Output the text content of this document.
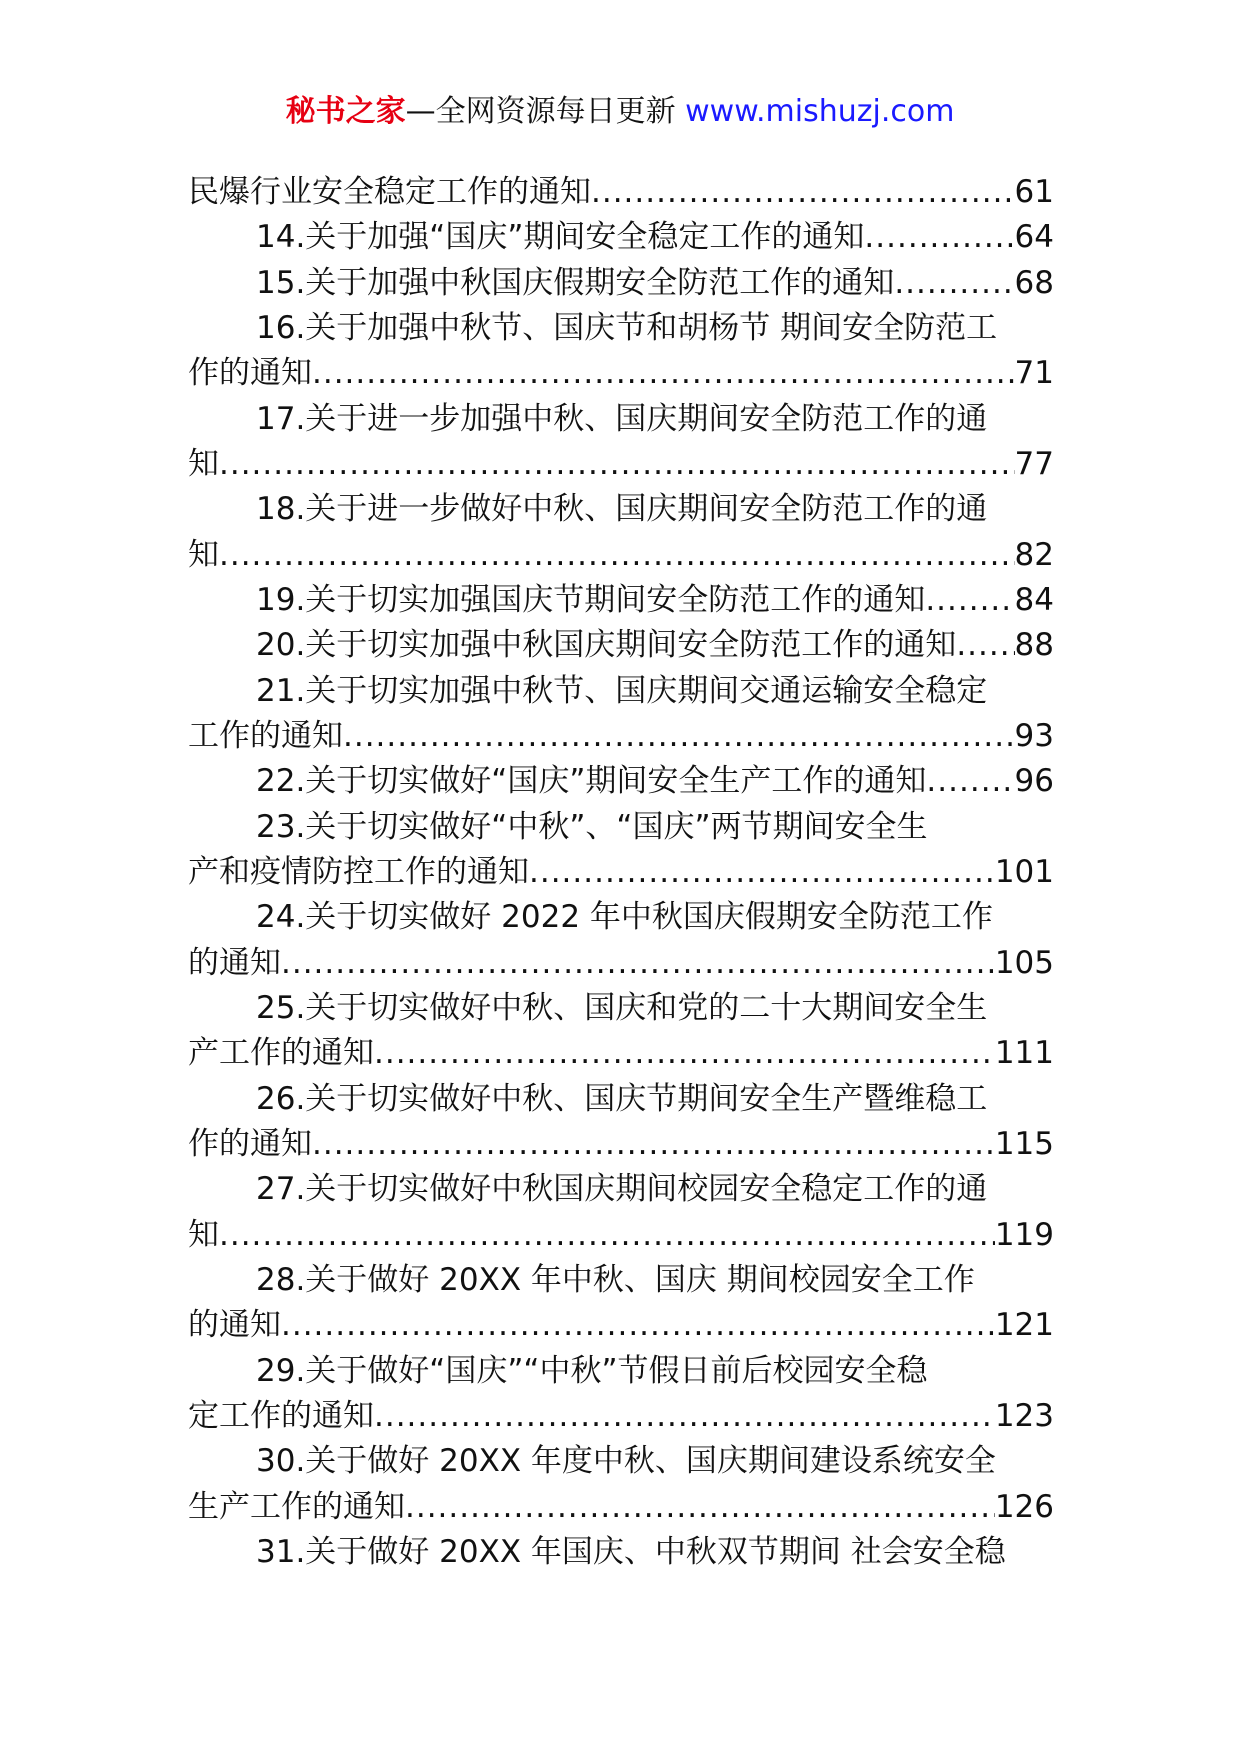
秘书之家—全网资源每日更新 www.mishuzj.com
民爆行业安全稳定工作的通知 .....	61
14.关于加强“国庆”期间安全稳定工作的通知 .....	64
15.关于加强中秋国庆假期安全防范工作的通知 .....	68
16.关于加强中秋节、国庆节和胡杨节 期间安全防范工
作的通知 .....	71
17.关于进一步加强中秋、国庆期间安全防范工作的通
知 .....	77
18.关于进一步做好中秋、国庆期间安全防范工作的通
知 .....	82
19.关于切实加强国庆节期间安全防范工作的通知 .....	84
20.关于切实加强中秋国庆期间安全防范工作的通知 ..... 88
21.关于切实加强中秋节、国庆期间交通运输安全稳定
工作的通知 .....	93
22.关于切实做好“国庆”期间安全生产工作的通知 .....	96
23.关于切实做好“中秋”、“国庆”两节期间安全生
产和疫情防控工作的通知 .....	101
24.关于切实做好 2022 年中秋国庆假期安全防范工作
的通知 .....	105
25.关于切实做好中秋、国庆和党的二十大期间安全生
产工作的通知 .....	111
26.关于切实做好中秋、国庆节期间安全生产暨维稳工
作的通知 .....	115
27.关于切实做好中秋国庆期间校园安全稳定工作的通
知 .....	119
28.关于做好 20XX 年中秋、国庆 期间校园安全工作
的通知 .....	121
29.关于做好“国庆”“中秋”节假日前后校园安全稳
定工作的通知 .....	123
30.关于做好 20XX 年度中秋、国庆期间建设系统安全
生产工作的通知 .....	126
31.关于做好 20XX 年国庆、中秋双节期间 社会安全稳
